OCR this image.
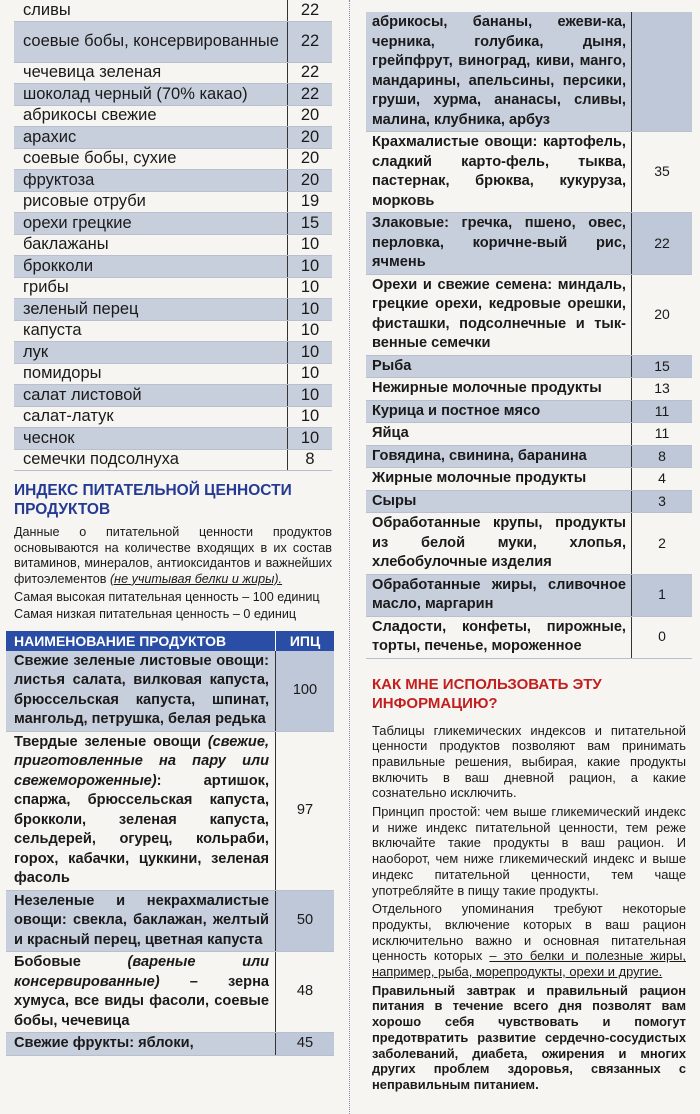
сливы	22
соевые бобы, консервированные	22
чечевица зеленая	22
шоколад черный (70% какао)	22
абрикосы свежие	20
арахис	20
соевые бобы, сухие	20
фруктоза	20
рисовые отруби	19
орехи грецкие	15
баклажаны	10
брокколи	10
грибы	10
зеленый перец	10
капуста	10
лук	10
помидоры	10
салат листовой	10
салат-латук	10
чеснок	10
семечки подсолнуха	8
ИНДЕКС ПИТАТЕЛЬНОЙ ЦЕННОСТИ ПРОДУКТОВ
Данные о питательной ценности продуктов основываются на количестве входящих в их состав витаминов, минералов, антиоксидантов и важнейших фитоэлементов (не учитывая белки и жиры).
Самая высокая питательная ценность – 100 единиц
Самая низкая питательная ценность – 0 единиц
НАИМЕНОВАНИЕ ПРОДУКТОВ	ИПЦ
Свежие зеленые листовые овощи: листья салата, вилковая капуста, брюссельская капуста, шпинат, мангольд, петрушка, белая редька	100
Твердые зеленые овощи (свежие, приготовленные на пару или свежемороженные): артишок, спаржа, брюссельская капуста, брокколи, зеленая капуста, сельдерей, огурец, кольраби, горох, кабачки, цуккини, зеленая фасоль	97
Незеленые и некрахмалистые овощи: свекла, баклажан, желтый и красный перец, цветная капуста	50
Бобовые (вареные или консервированные) – зерна хумуса, все виды фасоли, соевые бобы, чечевица	48
Свежие фрукты: яблоки,	45
абрикосы, бананы, ежеви-ка, черника, голубика, дыня, грейпфрут, виноград, киви, манго, мандарины, апельсины, персики, груши, хурма, ананасы, сливы, малина, клубника, арбуз	
Крахмалистые овощи: картофель, сладкий карто-фель, тыква, пастернак, брюква, кукуруза, морковь	35
Злаковые: гречка, пшено, овес, перловка, коричне-вый рис, ячмень	22
Орехи и свежие семена: миндаль, грецкие орехи, кедровые орешки, фисташки, подсолнечные и тык-венные семечки	20
Рыба	15
Нежирные молочные продукты	13
Курица и постное мясо	11
Яйца	11
Говядина, свинина, баранина	8
Жирные молочные продукты	4
Сыры	3
Обработанные крупы, продукты из белой муки, хлопья, хлебобулочные изделия	2
Обработанные жиры, сливочное масло, маргарин	1
Сладости, конфеты, пирожные, торты, печенье, мороженное	0
КАК МНЕ ИСПОЛЬЗОВАТЬ ЭТУ ИНФОРМАЦИЮ?

Таблицы гликемических индексов и питательной ценности продуктов позволяют вам принимать правильные решения, выбирая, какие продукты включить в ваш дневной рацион, а какие сознательно исключить.

Принцип простой: чем выше гликемический индекс и ниже индекс питательной ценности, тем реже включайте такие продукты в ваш рацион. И наоборот, чем ниже гликемический индекс и выше индекс питательной ценности, тем чаще употребляйте в пищу такие продукты.

Отдельного упоминания требуют некоторые продукты, включение которых в ваш рацион исключительно важно и основная питательная ценность которых – это белки и полезные жиры, например, рыба, морепродукты, орехи и другие.

Правильный завтрак и правильный рацион питания в течение всего дня позволят вам хорошо себя чувствовать и помогут предотвратить развитие сердечно-сосудистых заболеваний, диабета, ожирения и многих других проблем здоровья, связанных с неправильным питанием.
